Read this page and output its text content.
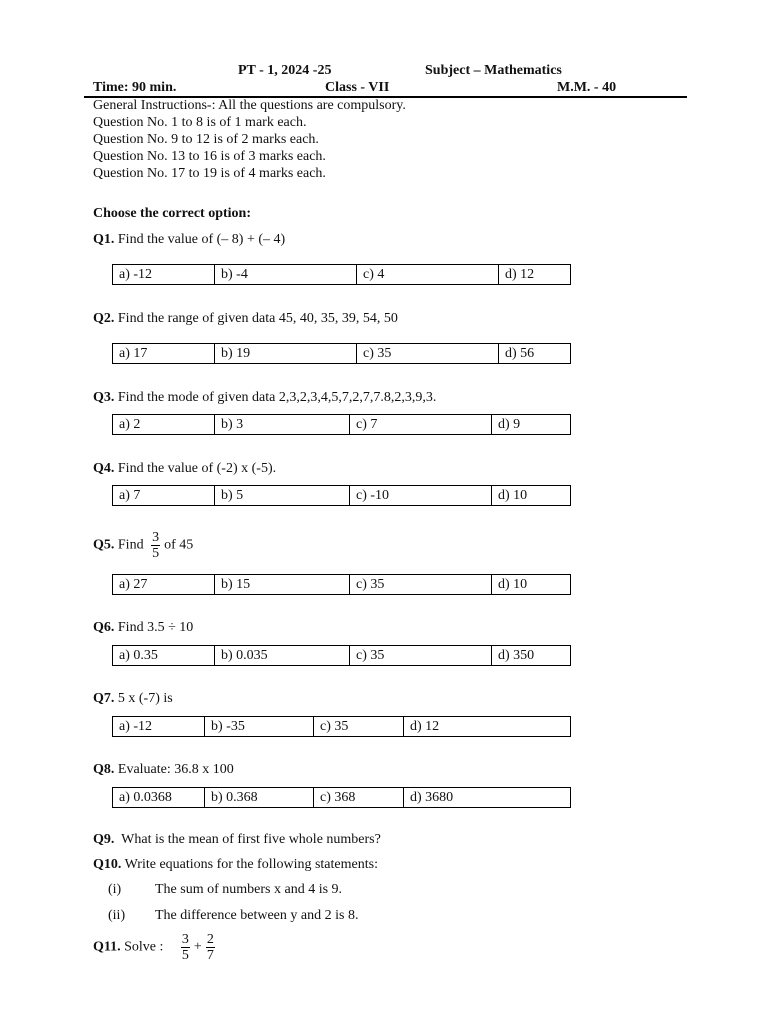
PT - 1, 2024 -25	Subject – Mathematics
Time: 90 min.	Class - VII	M.M. - 40
General Instructions-: All the questions are compulsory.
Question No. 1 to 8 is of 1 mark each.
Question No. 9 to 12 is of 2 marks each.
Question No. 13 to 16 is of 3 marks each.
Question No. 17 to 19 is of 4 marks each.
Choose the correct option:
Q1. Find the value of (– 8) + (– 4)
a) -12	b) -4	c) 4	d) 12
Q2. Find the range of given data 45, 40, 35, 39, 54, 50
a) 17	b) 19	c) 35	d) 56
Q3. Find the mode of given data 2,3,2,3,4,5,7,2,7,7.8,2,3,9,3.
a) 2	b) 3	c) 7	d) 9
Q4. Find the value of (-2) x (-5).
a) 7	b) 5	c) -10	d) 10
Q5. Find $\frac{3}{5}$ of 45
a) 27	b) 15	c) 35	d) 10
Q6. Find 3.5 ÷ 10
a) 0.35	b) 0.035	c) 35	d) 350
Q7. 5 x (-7) is
a) -12	b) -35	c) 35	d) 12
Q8. Evaluate: 36.8 x 100
a) 0.0368	b) 0.368	c) 368	d) 3680
Q9.  What is the mean of first five whole numbers?
Q10. Write equations for the following statements:
(i) The sum of numbers x and 4 is 9.
(ii) The difference between y and 2 is 8.
Q11. Solve : $\frac{3}{5} + \frac{2}{7}$
